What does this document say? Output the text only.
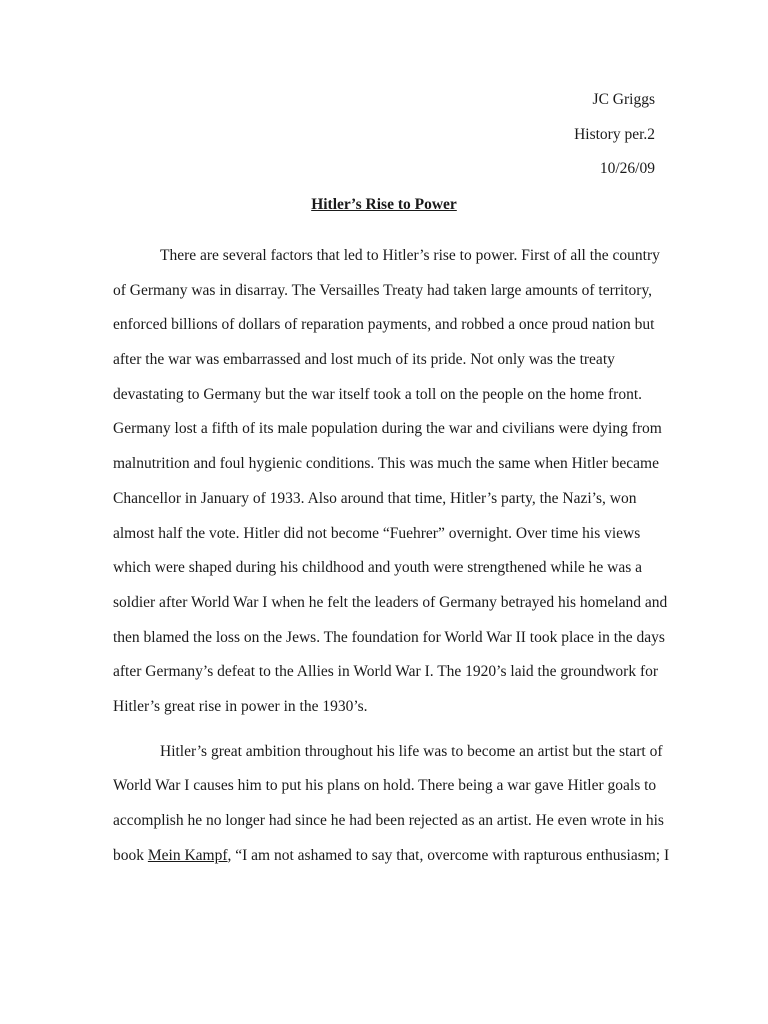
JC Griggs
History per.2
10/26/09
Hitler’s Rise to Power
There are several factors that led to Hitler’s rise to power. First of all the country
of Germany was in disarray. The Versailles Treaty had taken large amounts of territory,
enforced billions of dollars of reparation payments, and robbed a once proud nation but
after the war was embarrassed and lost much of its pride. Not only was the treaty
devastating to Germany but the war itself took a toll on the people on the home front.
Germany lost a fifth of its male population during the war and civilians were dying from
malnutrition and foul hygienic conditions. This was much the same when Hitler became
Chancellor in January of 1933. Also around that time, Hitler’s party, the Nazi’s, won
almost half the vote. Hitler did not become “Fuehrer” overnight. Over time his views
which were shaped during his childhood and youth were strengthened while he was a
soldier after World War I when he felt the leaders of Germany betrayed his homeland and
then blamed the loss on the Jews. The foundation for World War II took place in the days
after Germany’s defeat to the Allies in World War I. The 1920’s laid the groundwork for
Hitler’s great rise in power in the 1930’s.
Hitler’s great ambition throughout his life was to become an artist but the start of
World War I causes him to put his plans on hold. There being a war gave Hitler goals to
accomplish he no longer had since he had been rejected as an artist. He even wrote in his
book Mein Kampf, “I am not ashamed to say that, overcome with rapturous enthusiasm; I
